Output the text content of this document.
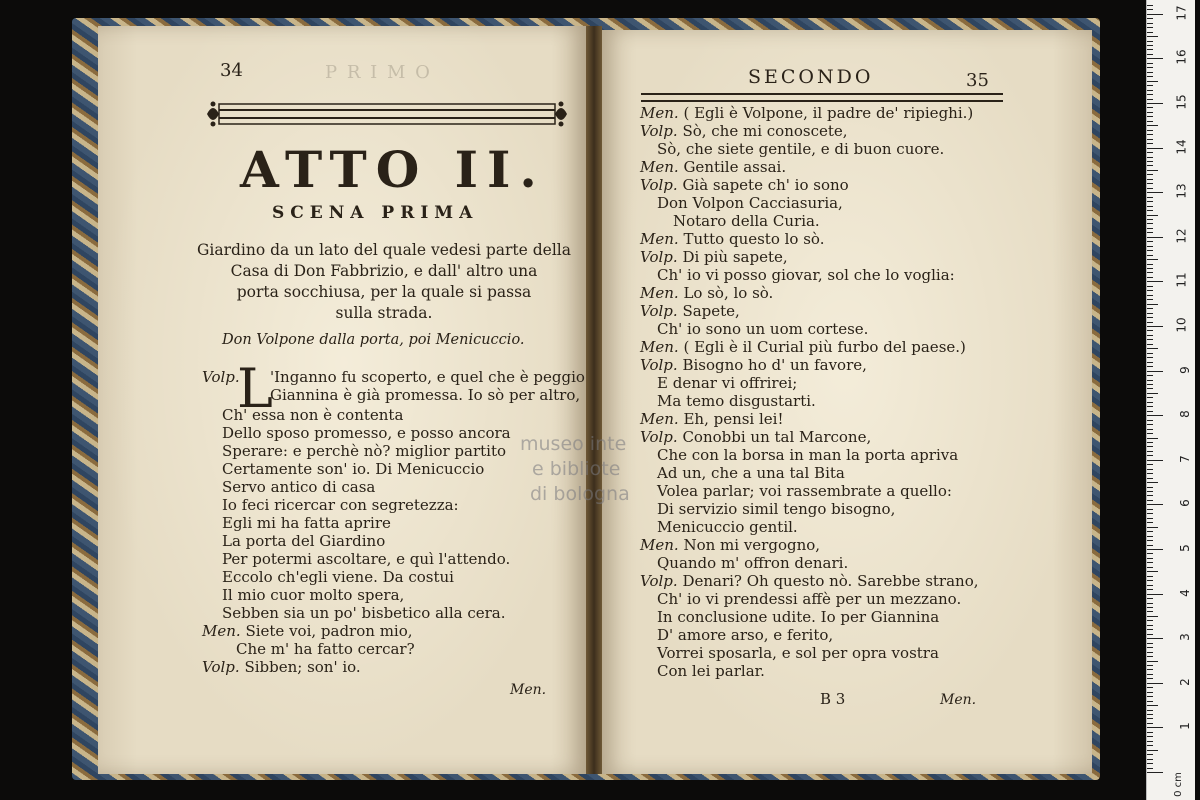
34	P R I M O
ATTO II.
SCENA PRIMA
Giardino da un lato del quale vedesi parte della
Casa di Don Fabbrizio, e dall' altro una
porta socchiusa, per la quale si passa
sulla strada.
Don Volpone dalla porta, poi Menicuccio.
L
Volp. 'Inganno fu scoperto, e quel che è peggio
Giannina è già promessa. Io sò per altro,
Ch' essa non è contenta
Dello sposo promesso, e posso ancora
Sperare: e perchè nò? miglior partito
Certamente son' io. Di Menicuccio
Servo antico di casa
Io feci ricercar con segretezza:
Egli mi ha fatta aprire
La porta del Giardino
Per potermi ascoltare, e quì l'attendo.
Eccolo ch'egli viene. Da costui
Il mio cuor molto spera,
Sebben sia un po' bisbetico alla cera.
Men. Siete voi, padron mio,
Che m' ha fatto cercar?
Volp. Sibben; son' io.
Men.
SECONDO	35
Men. ( Egli è Volpone, il padre de' ripieghi.)
Volp. Sò, che mi conoscete,
Sò, che siete gentile, e di buon cuore.
Men. Gentile assai.
Volp. Già sapete ch' io sono
Don Volpon Cacciasuria,
Notaro della Curia.
Men. Tutto questo lo sò.
Volp. Di più sapete,
Ch' io vi posso giovar, sol che lo voglia:
Men. Lo sò, lo sò.
Volp. Sapete,
Ch' io sono un uom cortese.
Men. ( Egli è il Curial più furbo del paese.)
Volp. Bisogno ho d' un favore,
E denar vi offrirei;
Ma temo disgustarti.
Men. Eh, pensi lei!
Volp. Conobbi un tal Marcone,
Che con la borsa in man la porta apriva
Ad un, che a una tal Bita
Volea parlar; voi rassembrate a quello:
Di servizio simil tengo bisogno,
Menicuccio gentil.
Men. Non mi vergogno,
Quando m' offron denari.
Volp. Denari? Oh questo nò. Sarebbe strano,
Ch' io vi prendessi affè per un mezzano.
In conclusione udite. Io per Giannina
D' amore arso, e ferito,
Vorrei sposarla, e sol per opra vostra
Con lei parlar.
B 3	Men.
museo inte
e bibliote
di bologna
0 cm
1
2
3
4
5
6
7
8
9
10
11
12
13
14
15
16
17
